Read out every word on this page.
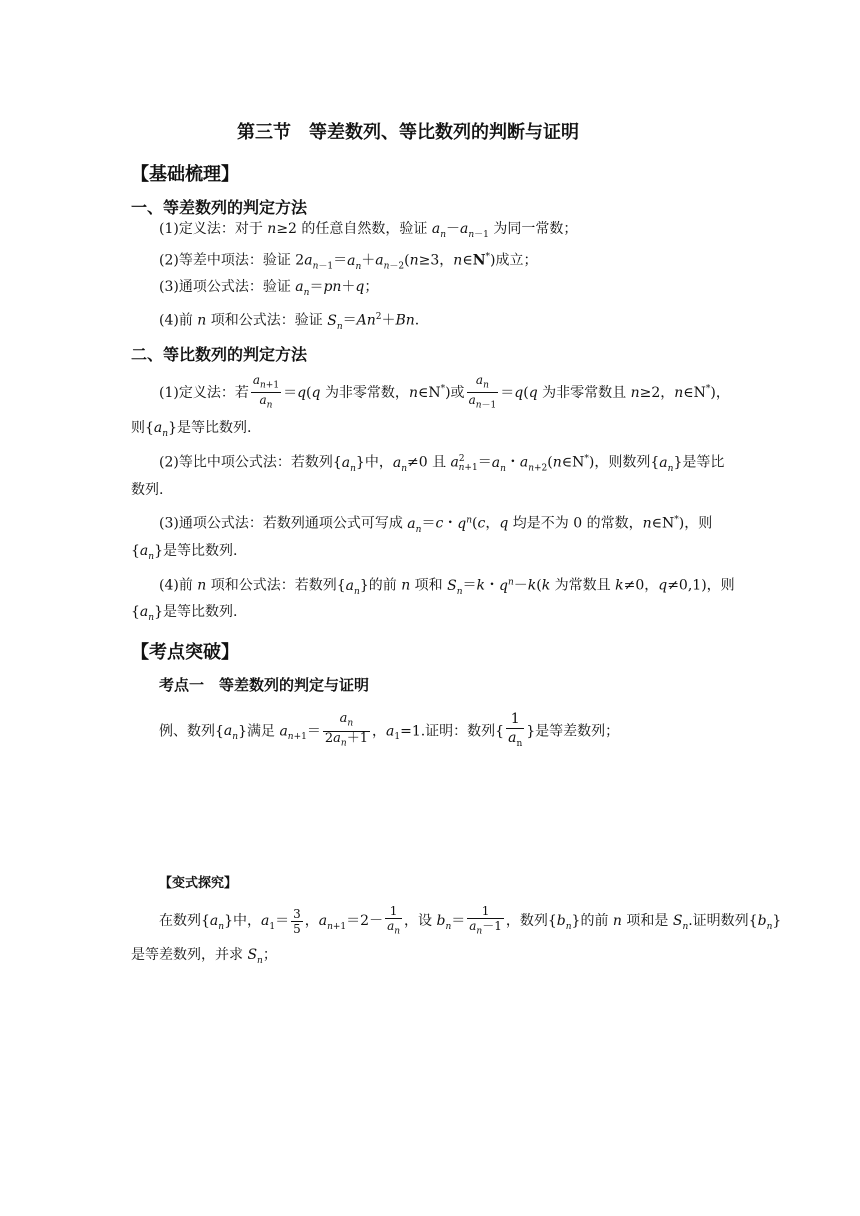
第三节　等差数列、等比数列的判断与证明
【基础梳理】
一、等差数列的判定方法
(1)定义法：对于 n≥2 的任意自然数，验证 $a_n-a_{n-1}$ 为同一常数；
(2)等差中项法：验证 $2a_{n-1}=a_n+a_{n-2}(n\ge 3$，n∈N*)成立；
(3)通项公式法：验证 $a_n=pn+q$；
(4)前 n 项和公式法：验证 $S_n=An^2+Bn$.
二、等比数列的判定方法
(1)定义法：若 $\frac{a_{n+1}}{a_n} =q(q$ 为非零常数，n∈N*)或 $\frac{a_n}{a_{n-1}} =q(q$ 为非零常数且 n≥2，n∈N*)，
则$\{a_n\}$是等比数列.
(2)等比中项公式法：若数列$\{a_n\}$中，$a_n\ne 0$ 且 $a^2_{n+1}=a_n$・$a_{n+2}(n\in N^*)$，则数列$\{a_n\}$是等比
数列.
(3)通项公式法：若数列通项公式可写成 $a_n=c$・$q^n(c$，q 均是不为 0 的常数，n∈N*)，则
$\{a_n\}$是等比数列.
(4)前 n 项和公式法：若数列$\{a_n\}$的前 n 项和 $S_n=k$・$q^n-k(k$ 为常数且 k≠0，q≠0,1)，则
$\{a_n\}$是等比数列.
【考点突破】
考点一　等差数列的判定与证明
例、数列$\{a_n\}$满足 $a_{n+1}= \frac{a_n}{2a_n+1}$ ，$a_1=1$.证明：数列{ $\frac{1}{a_n}$ }是等差数列；
【变式探究】
在数列$\{a_n\}$中，$a_1= \frac{3}{5}$ ，$a_{n+1}=2- \frac{1}{a_n}$ ，设 $b_n= \frac{1}{a_n-1}$ ，数列$\{b_n\}$的前 n 项和是 $S_n$.证明数列$\{b_n\}$
是等差数列，并求 $S_n$；
